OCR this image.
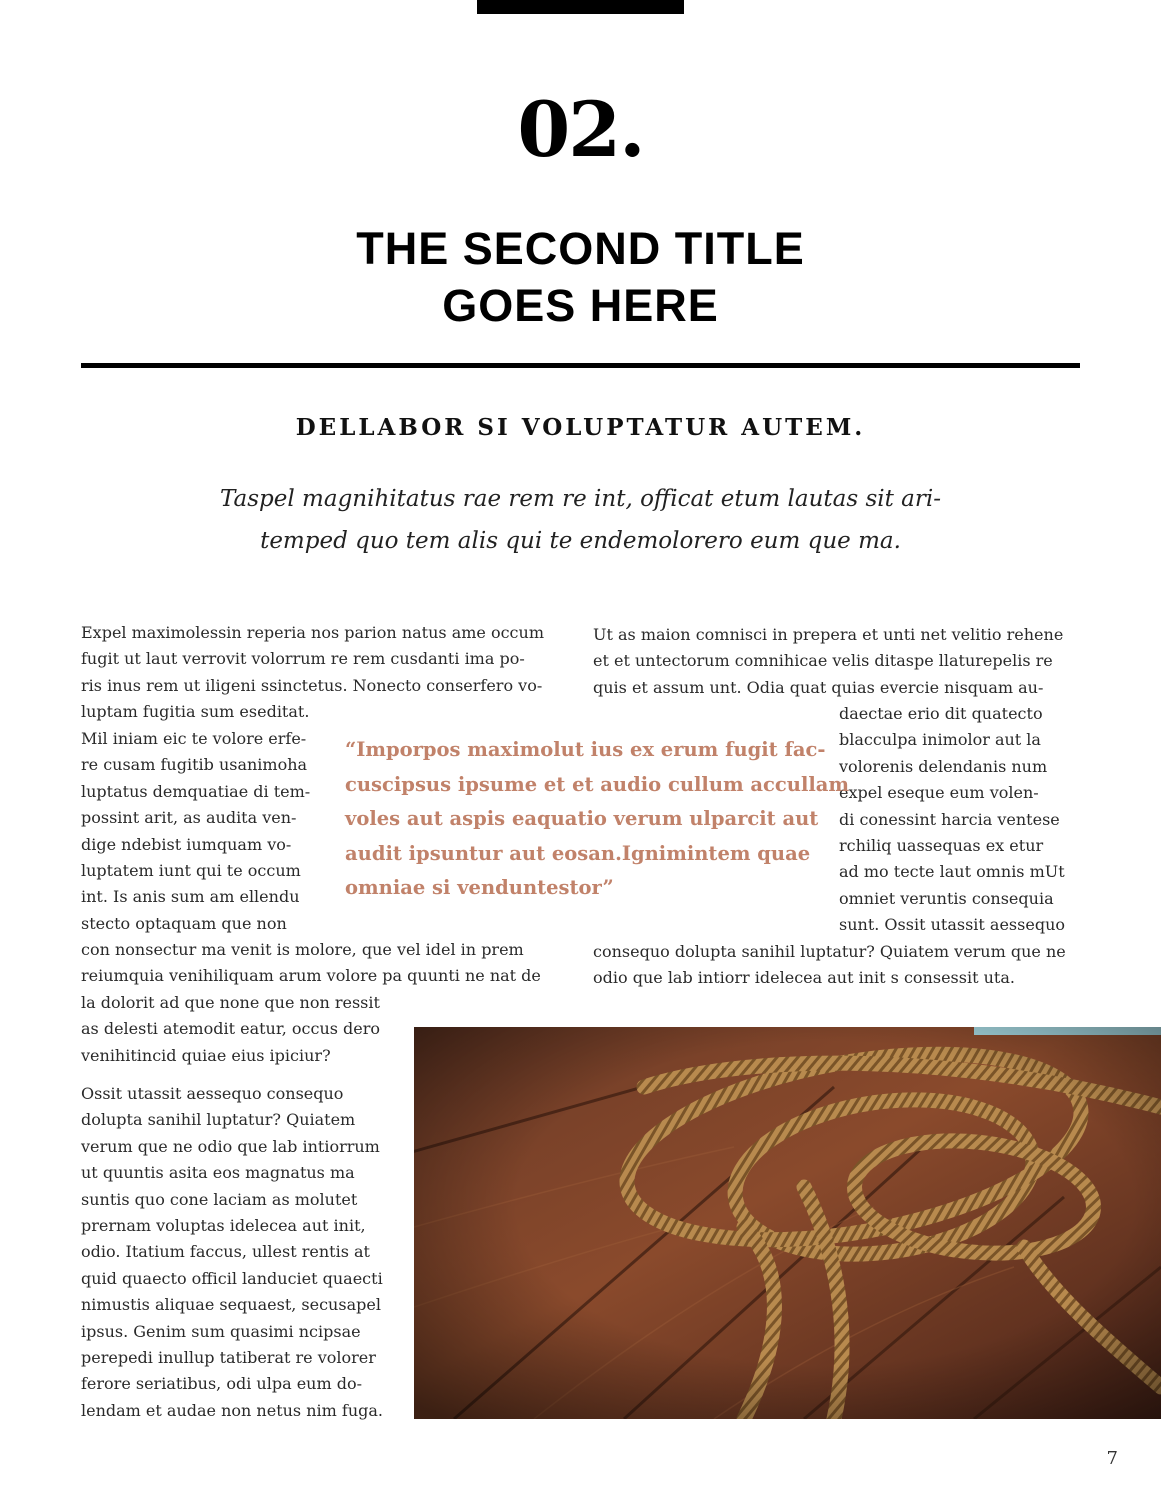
02.
THE SECOND TITLE
GOES HERE
DELLABOR SI VOLUPTATUR AUTEM.
Taspel magnihitatus rae rem re int, officat etum lautas sit ari-
temped quo tem alis qui te endemolorero eum que ma.
Expel maximolessin reperia nos parion natus ame occum
fugit ut laut verrovit volorrum re rem cusdanti ima po-
ris inus rem ut iligeni ssinctetus. Nonecto conserfero vo-
luptam fugitia sum eseditat.
Mil iniam eic te volore erfe-
re cusam fugitib usanimoha
luptatus demquatiae di tem-
possint arit, as audita ven-
dige ndebist iumquam vo-
luptatem iunt qui te occum
int. Is anis sum am ellendu
stecto optaquam que non
con nonsectur ma venit is molore, que vel idel in prem
reiumquia venihiliquam arum volore pa quunti ne nat de
la dolorit ad que none que non ressit
as delesti atemodit eatur, occus dero
venihitincid quiae eius ipiciur?
Ossit utassit aessequo consequo
dolupta sanihil luptatur? Quiatem
verum que ne odio que lab intiorrum
ut quuntis asita eos magnatus ma
suntis quo cone laciam as molutet
prernam voluptas idelecea aut init,
odio. Itatium faccus, ullest rentis at
quid quaecto officil landuciet quaecti
nimustis aliquae sequaest, secusapel
ipsus. Genim sum quasimi ncipsae
perepedi inullup tatiberat re volorer
ferore seriatibus, odi ulpa eum do-
lendam et audae non netus nim fuga.
Ut as maion comnisci in prepera et unti net velitio rehene
et et untectorum comnihicae velis ditaspe llaturepelis re
quis et assum unt. Odia quat quias evercie nisquam au-
daectae erio dit quatecto
blacculpa inimolor aut la
volorenis delendanis num
expel eseque eum volen-
di conessint harcia ventese
rchiliq uassequas ex etur
ad mo tecte laut omnis mUt
omniet veruntis consequia
sunt. Ossit utassit aessequo
consequo dolupta sanihil luptatur? Quiatem verum que ne
odio que lab intiorr idelecea aut init s consessit uta.
“Imporpos maximolut ius ex erum fugit fac-
cuscipsus ipsume et et audio cullum accullam
voles aut aspis eaquatio verum ulparcit aut
audit ipsuntur aut eosan.Ignimintem quae
omniae si venduntestor”
7
